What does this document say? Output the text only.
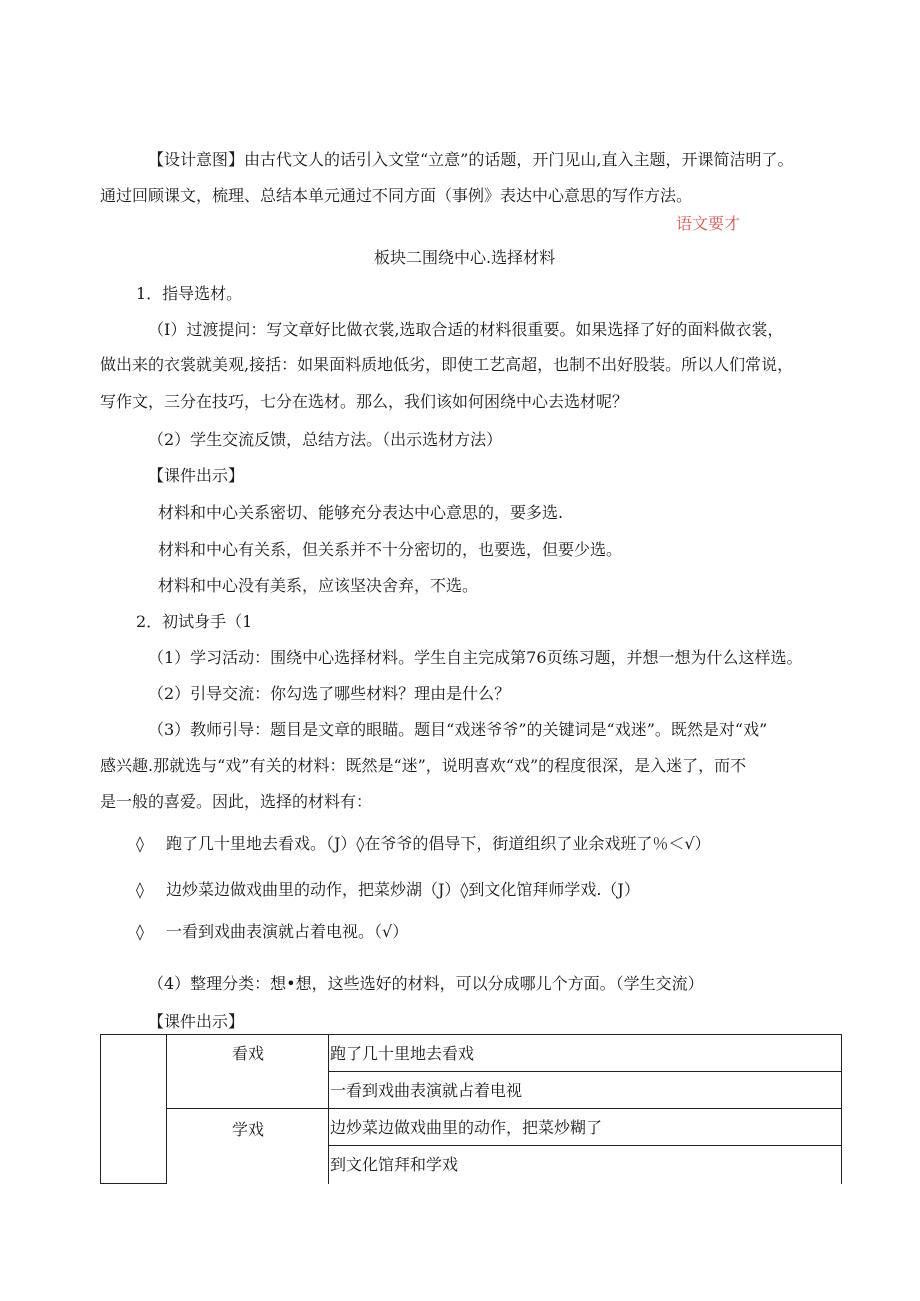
【设计意图】由古代文人的话引入文堂“立意”的话题，开门见山,直入主题，开课简洁明了。
通过回顾课文，梳理、总结本单元通过不同方面（事例》表达中心意思的写作方法。
语文要才
板块二围绕中心.选择材料
1．指导选材。
（I）过渡提问：写文章好比做衣裳,选取合适的材料很重要。如果选择了好的面料做衣裳，
做出来的衣裳就美观,接括：如果面料质地低劣，即使工艺高超，也制不出好股装。所以人们常说，
写作文，三分在技巧，七分在选材。那么，我们该如何困绕中心去选材呢？
（2）学生交流反馈，总结方法。（出示选材方法）
【课件出示】
材料和中心关系密切、能够充分表达中心意思的，要多选.
材料和中心有关系，但关系并不十分密切的，也要选，但要少选。
材料和中心没有美系，应该坚决舍弃，不选。
2．初试身手（1
（1）学习活动：围绕中心选择材料。学生自主完成第76页练习题，并想一想为什么这样选。
（2）引导交流：你勾选了哪些材料？理由是什么？
（3）教师引导：题目是文章的眼瞄。题目“戏迷爷爷”的关键词是“戏迷”。既然是对“戏”
感兴趣.那就选与“戏”有关的材料：既然是“迷”，说明喜欢“戏”的程度很深，是入迷了，而不
是一般的喜爱。因此，选择的材料有：
◊ 跑了几十里地去看戏。（J）◊在爷爷的倡导下，街道组织了业余戏班了％＜√）
◊ 边炒菜边做戏曲里的动作，把菜炒湖（J）◊到文化馆拜师学戏.（J）
◊ 一看到戏曲表演就占着电视。（√）
（4）整理分类：想•想，这些选好的材料，可以分成哪儿个方面。（学生交流）
【课件出示】
看戏	跑了几十里地去看戏
一看到戏曲表演就占着电视
学戏	边炒菜边做戏曲里的动作，把菜炒糊了
到文化馆拜和学戏
